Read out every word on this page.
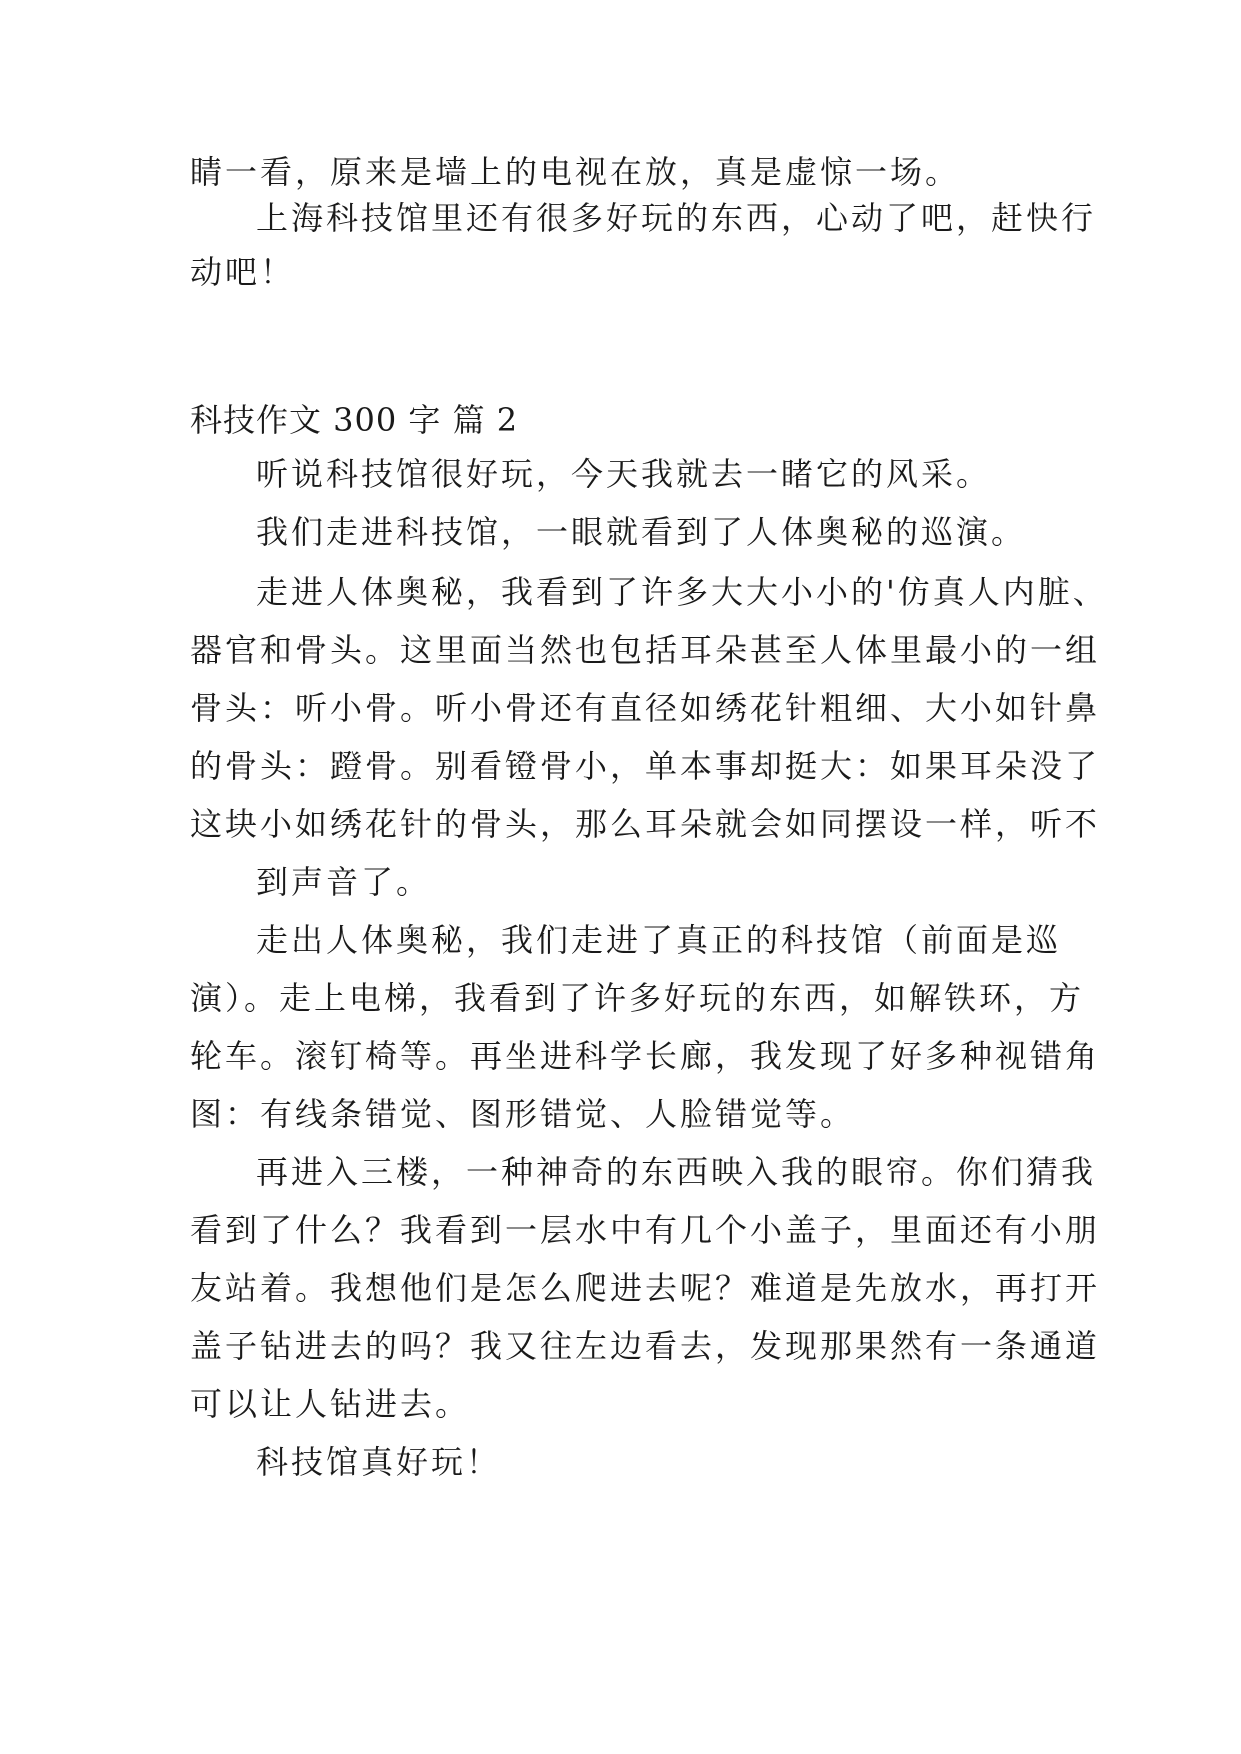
睛一看，原来是墙上的电视在放，真是虚惊一场。
上海科技馆里还有很多好玩的东西，心动了吧，赶快行
动吧！
科技作文 300 字 篇 2
听说科技馆很好玩，今天我就去一睹它的风采。
我们走进科技馆，一眼就看到了人体奥秘的巡演。
走进人体奥秘，我看到了许多大大小小的'仿真人内脏、
器官和骨头。这里面当然也包括耳朵甚至人体里最小的一组
骨头：听小骨。听小骨还有直径如绣花针粗细、大小如针鼻
的骨头：蹬骨。别看镫骨小，单本事却挺大：如果耳朵没了
这块小如绣花针的骨头，那么耳朵就会如同摆设一样，听不
到声音了。
走出人体奥秘，我们走进了真正的科技馆（前面是巡
演）。走上电梯，我看到了许多好玩的东西，如解铁环，方
轮车。滚钉椅等。再坐进科学长廊，我发现了好多种视错角
图：有线条错觉、图形错觉、人脸错觉等。
再进入三楼，一种神奇的东西映入我的眼帘。你们猜我
看到了什么？我看到一层水中有几个小盖子，里面还有小朋
友站着。我想他们是怎么爬进去呢？难道是先放水，再打开
盖子钻进去的吗？我又往左边看去，发现那果然有一条通道
可以让人钻进去。
科技馆真好玩！
